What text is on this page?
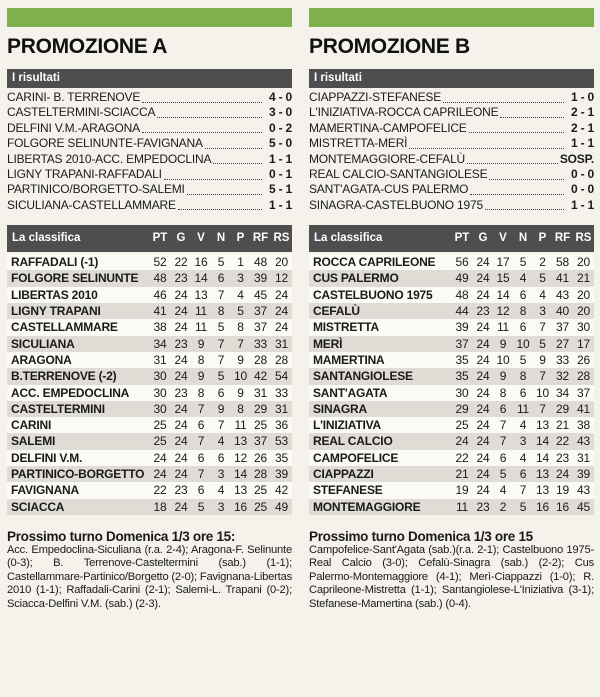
PROMOZIONE A
I risultati
CARINI- B. TERRENOVE	4 - 0
CASTELTERMINI-SCIACCA	3 - 0
DELFINI V.M.-ARAGONA	0 - 2
FOLGORE SELINUNTE-FAVIGNANA	5 - 0
LIBERTAS 2010-ACC. EMPEDOCLINA	1 - 1
LIGNY TRAPANI-RAFFADALI	0 - 1
PARTINICO/BORGETTO-SALEMI	5 - 1
SICULIANA-CASTELLAMMARE	1 - 1
La classifica	PT G	V	N	P RF RS
RAFFADALI (-1)	52 22 16 5	1 48 20
FOLGORE SELINUNTE	48 23 14 6	3 39 12
LIBERTAS 2010	46 24 13 7	4 45 24
LIGNY TRAPANI	41 24 11 8	5 37 24
CASTELLAMMARE	38 24 11 5	8 37 24
SICULIANA	34 23 9	7	7 33 31
ARAGONA	31 24 8	7	9 28 28
B.TERRENOVE (-2)	30 24 9	5 10 42 54
ACC. EMPEDOCLINA	30 23 8	6	9 31 33
CASTELTERMINI	30 24 7	9	8 29 31
CARINI	25 24 6	7 11 25 36
SALEMI	25 24 7	4 13 37 53
DELFINI V.M.	24 24 6	6 12 26 35
PARTINICO-BORGETTO 24 24 7	3 14 28 39
FAVIGNANA	22 23 6	4 13 25 42
SCIACCA	18 24 5	3 16 25 49
Prossimo turno Domenica 1/3 ore 15:
Acc. Empedoclina-Siculiana (r.a. 2-4); Aragona-F. Selinunte (0-3); B. Terrenove-Casteltermini (sab.) (1-1); Castellammare-Partinico/Borgetto (2-0); Favignana-Libertas 2010 (1-1); Raffadali-Carini (2-1); Salemi-L. Trapani (0-2); Sciacca-Delfini V.M. (sab.) (2-3).
PROMOZIONE B
I risultati
CIAPPAZZI-STEFANESE	1 - 0
L'INIZIATIVA-ROCCA CAPRILEONE	2 - 1
MAMERTINA-CAMPOFELICE	2 - 1
MISTRETTA-MERÌ	1 - 1
MONTEMAGGIORE-CEFALÙ	SOSP.
REAL CALCIO-SANTANGIOLESE	0 - 0
SANT'AGATA-CUS PALERMO	0 - 0
SINAGRA-CASTELBUONO 1975	1 - 1
La classifica	PT G	V	N	P RF RS
ROCCA CAPRILEONE	56 24 17 5	2 58 20
CUS PALERMO	49 24 15 4	5 41 21
CASTELBUONO 1975	48 24 14 6	4 43 20
CEFALÙ	44 23 12 8	3 40 20
MISTRETTA	39 24 11 6	7 37 30
MERÌ	37 24 9 10 5 27 17
MAMERTINA	35 24 10 5	9 33 26
SANTANGIOLESE	35 24 9	8	7 32 28
SANT'AGATA	30 24 8	6 10 34 37
SINAGRA	29 24 6 11 7 29 41
L'INIZIATIVA	25 24 7	4 13 21 38
REAL CALCIO	24 24 7	3 14 22 43
CAMPOFELICE	22 24 6	4 14 23 31
CIAPPAZZI	21 24 5	6 13 24 39
STEFANESE	19 24 4	7 13 19 43
MONTEMAGGIORE	11 23 2	5 16 16 45
Prossimo turno Domenica 1/3 ore 15
Campofelice-Sant'Agata (sab.)(r.a. 2-1); Castelbuono 1975-Real Calcio (3-0); Cefalù-Sinagra (sab.) (2-2); Cus Palermo-Montemaggiore (4-1); Merì-Ciappazzi (1-0); R. Caprileone-Mistretta (1-1); Santangiolese-L'Iniziativa (3-1); Stefanese-Mamertina (sab.) (0-4).
